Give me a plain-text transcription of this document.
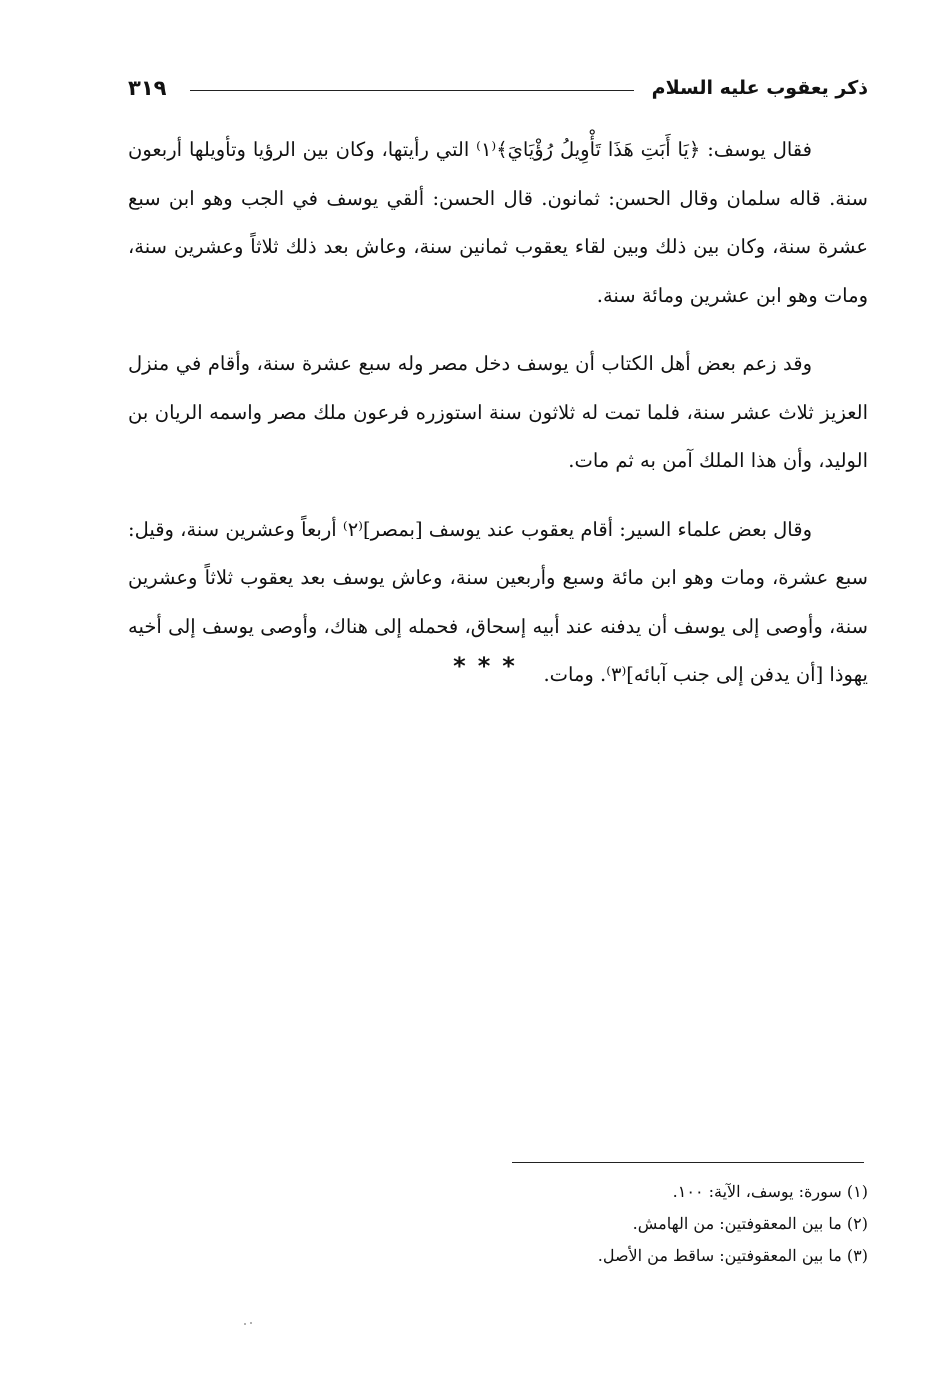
ذكر يعقوب عليه السلام
٣١٩

فقال يوسف: ﴿يَا أَبَتِ هَذَا تَأْوِيلُ رُؤْيَايَ﴾⁽١⁾ التي رأيتها، وكان بين الرؤيا وتأويلها أربعون سنة. قاله سلمان وقال الحسن: ثمانون. قال الحسن: ألقي يوسف في الجب وهو ابن سبع عشرة سنة، وكان بين ذلك وبين لقاء يعقوب ثمانين سنة، وعاش بعد ذلك ثلاثاً وعشرين سنة، ومات وهو ابن عشرين ومائة سنة.

وقد زعم بعض أهل الكتاب أن يوسف دخل مصر وله سبع عشرة سنة، وأقام في منزل العزيز ثلاث عشر سنة، فلما تمت له ثلاثون سنة استوزره فرعون ملك مصر واسمه الريان بن الوليد، وأن هذا الملك آمن به ثم مات.

وقال بعض علماء السير: أقام يعقوب عند يوسف [بمصر]⁽٢⁾ أربعاً وعشرين سنة، وقيل: سبع عشرة، ومات وهو ابن مائة وسبع وأربعين سنة، وعاش يوسف بعد يعقوب ثلاثاً وعشرين سنة، وأوصى إلى يوسف أن يدفنه عند أبيه إسحاق، فحمله إلى هناك، وأوصى يوسف إلى أخيه يهوذا [أن يدفن إلى جنب آبائه]⁽٣⁾. ومات.

***
(١) سورة: يوسف، الآية: ١٠٠.
(٢) ما بين المعقوفتين: من الهامش.
(٣) ما بين المعقوفتين: ساقط من الأصل.
